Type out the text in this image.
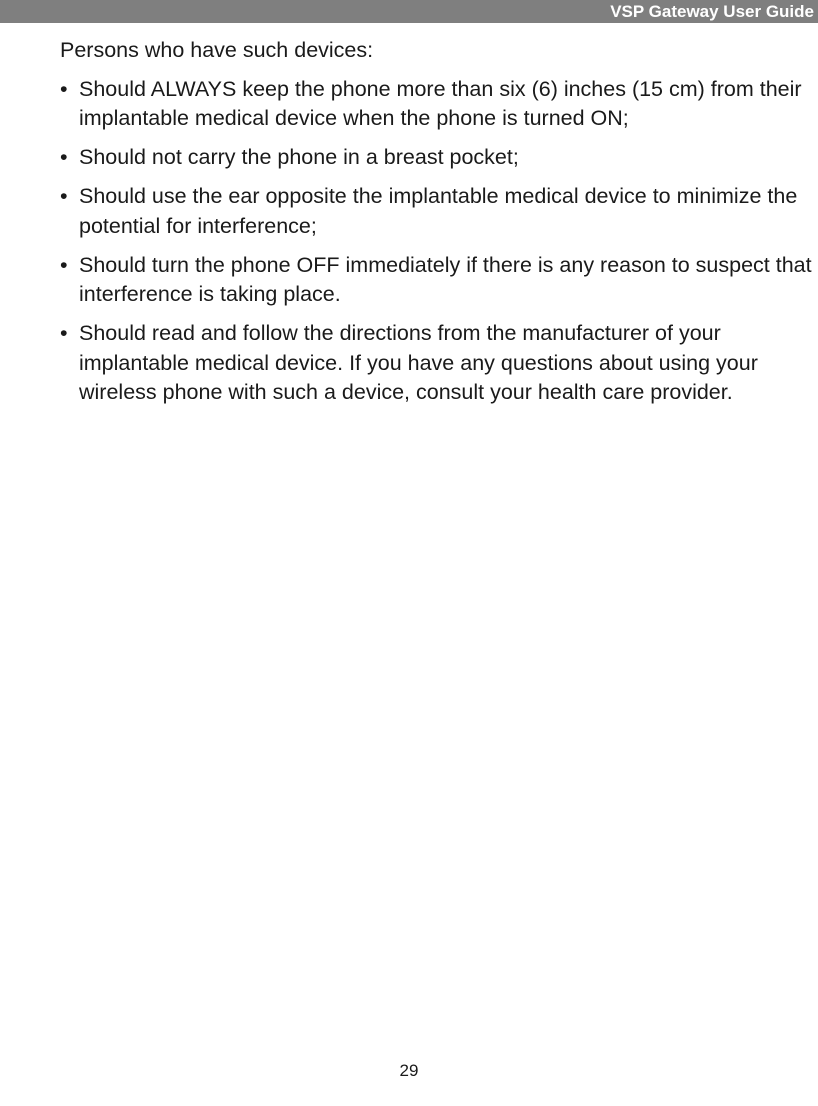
VSP Gateway User Guide

Persons who have such devices:

• Should ALWAYS keep the phone more than six (6) inches (15 cm) from their implantable medical device when the phone is turned ON;
• Should not carry the phone in a breast pocket;
• Should use the ear opposite the implantable medical device to minimize the potential for interference;
• Should turn the phone OFF immediately if there is any reason to suspect that interference is taking place.
• Should read and follow the directions from the manufacturer of your implantable medical device. If you have any questions about using your wireless phone with such a device, consult your health care provider.
29
